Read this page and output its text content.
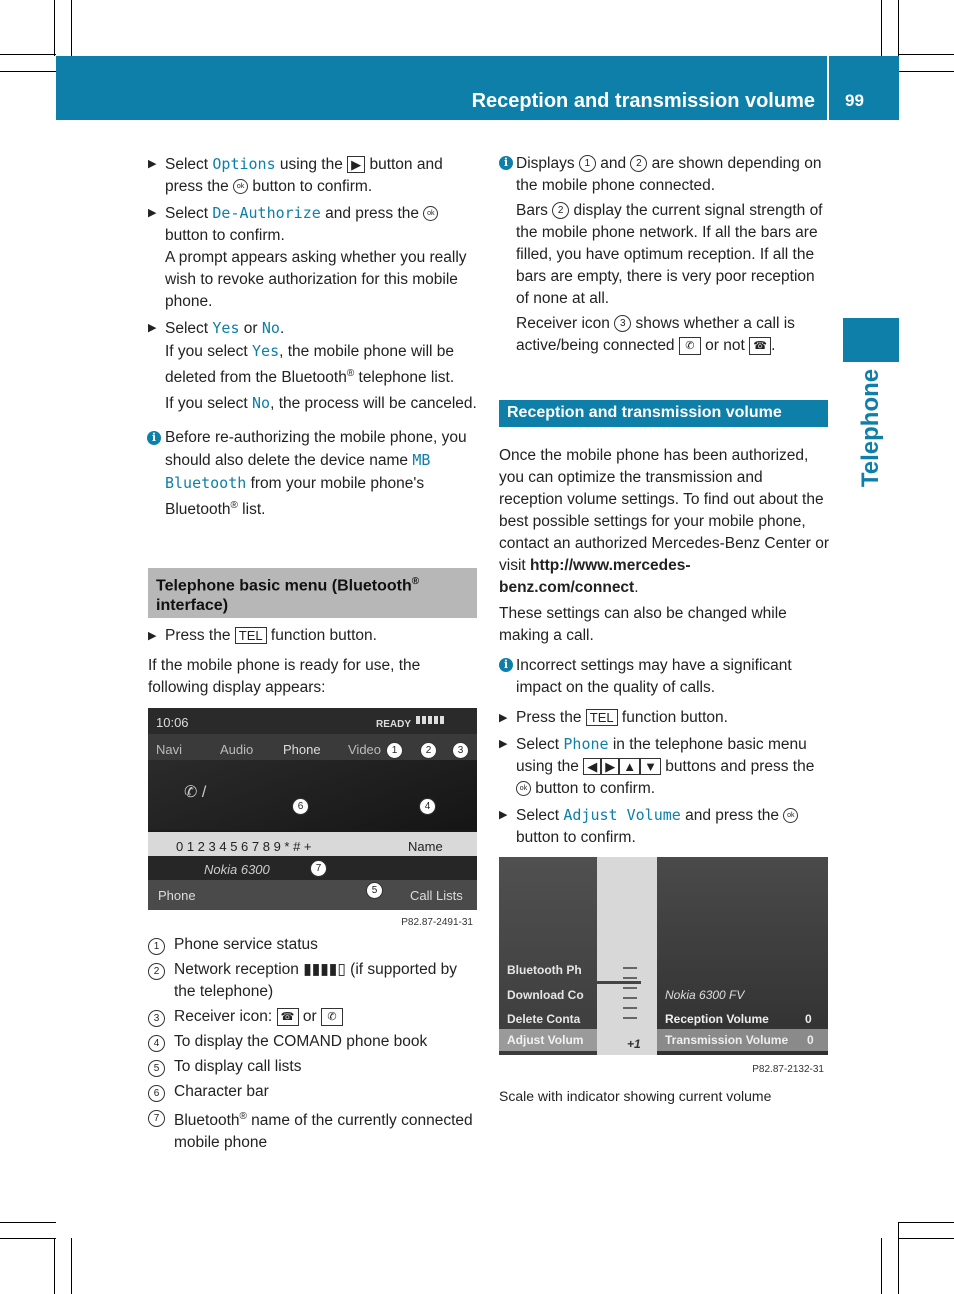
Reception and transmission volume 99
Telephone
▶ Select Options using the ▶ button and press the ok button to confirm.
▶ Select De-Authorize and press the ok button to confirm.

A prompt appears asking whether you really wish to revoke authorization for this mobile phone.

▶ Select Yes or No.

If you select Yes, the mobile phone will be deleted from the Bluetooth® telephone list.

If you select No, the process will be canceled.

i Before re-authorizing the mobile phone, you should also delete the device name MB Bluetooth from your mobile phone's Bluetooth® list.
Telephone basic menu (Bluetooth® interface)
▶ Press the TEL function button.

If the mobile phone is ready for use, the following display appears:

10:06	READY
Navi	Audio Phone Video
✆ /
0 1 2 3 4 5 6 7 8 9 * # +	Name
Nokia 6300
Phone	Call Lists
P82.87-2491-31
1	2	3
6	4
7
5
1 Phone service status
2 Network reception ▮▮▮▮▯ (if supported by the telephone)
3 Receiver icon: ☎ or ✆
4 To display the COMAND phone book
5 To display call lists
6 Character bar
7 Bluetooth® name of the currently connected mobile phone
i Displays 1 and 2 are shown depending on the mobile phone connected.

Bars 2 display the current signal strength of the mobile phone network. If all the bars are filled, you have optimum reception. If all the bars are empty, there is very poor reception of none at all.

Receiver icon 3 shows whether a call is active/being connected ✆ or not ☎ .

Reception and transmission volume

Once the mobile phone has been authorized, you can optimize the transmission and reception volume settings. To find out about the best possible settings for your mobile phone, contact an authorized Mercedes-Benz Center or visit http://www.mercedes-benz.com/connect.

These settings can also be changed while making a call.

i Incorrect settings may have a significant impact on the quality of calls.
▶ Press the TEL function button.
▶ Select Phone in the telephone basic menu using the ◀ ▶ ▲ ▼ buttons and press the ok button to confirm.
▶ Select Adjust Volume and press the ok button to confirm.
Bluetooth Ph
Download Co
Delete Conta
Adjust Volum	+1
Nokia 6300 FV
Reception Volume	0
Transmission Volume	0
P82.87-2132-31
Scale with indicator showing current volume
